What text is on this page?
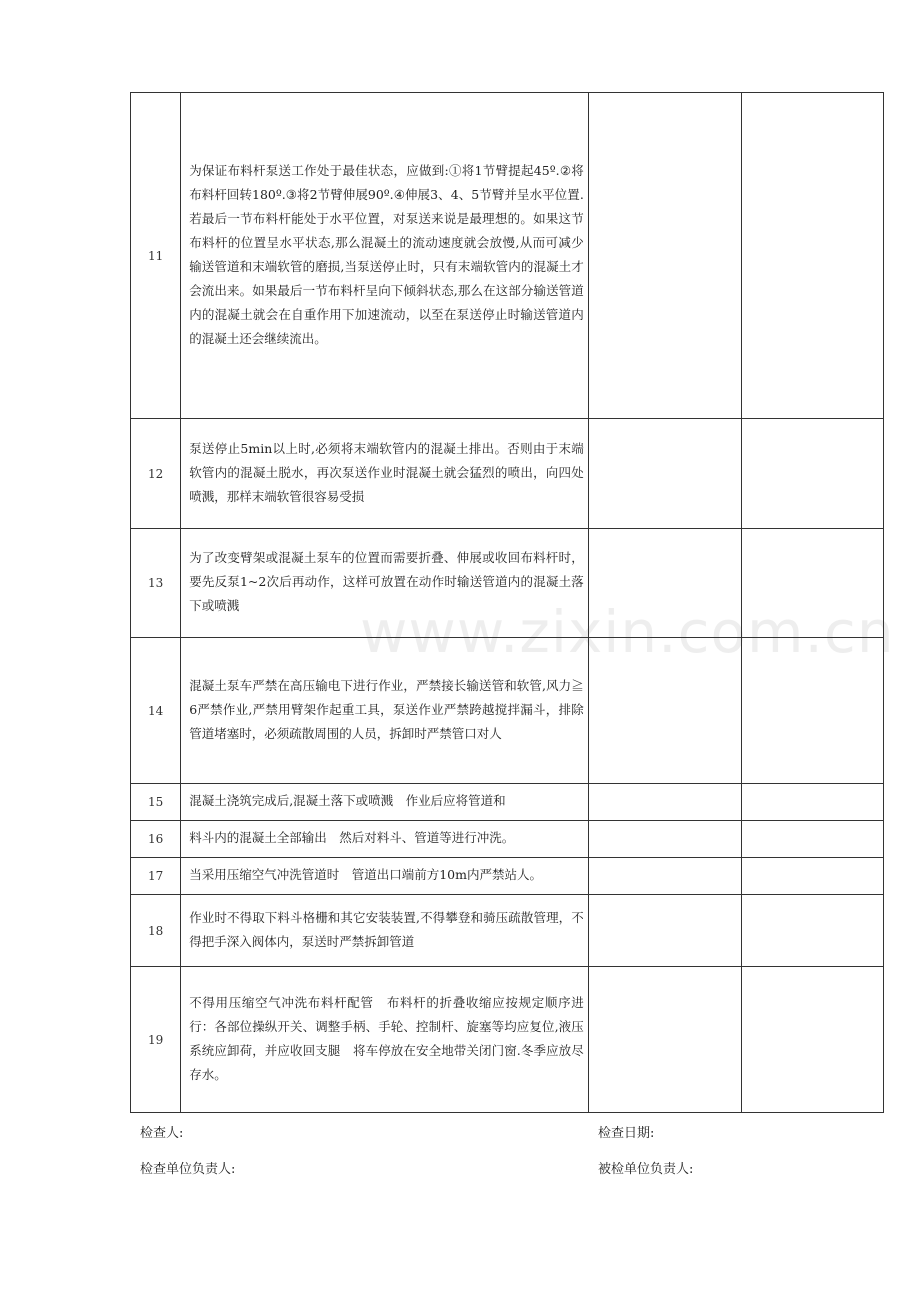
www.zixin.com.cn
11	为保证布料杆泵送工作处于最佳状态，应做到:①将1节臂提起45º.②将布料杆回转180º.③将2节臂伸展90º.④伸展3、4、5节臂并呈水平位置.若最后一节布料杆能处于水平位置，对泵送来说是最理想的。如果这节布料杆的位置呈水平状态,那么混凝土的流动速度就会放慢,从而可减少输送管道和末端软管的磨损,当泵送停止时，只有末端软管内的混凝土才会流出来。如果最后一节布料杆呈向下倾斜状态,那么在这部分输送管道内的混凝土就会在自重作用下加速流动，以至在泵送停止时输送管道内的混凝土还会继续流出。		
12	泵送停止5min以上时,必须将末端软管内的混凝土排出。否则由于末端软管内的混凝土脱水，再次泵送作业时混凝土就会猛烈的喷出，向四处喷溅，那样末端软管很容易受损		
13	为了改变臂架或混凝土泵车的位置而需要折叠、伸展或收回布料杆时，要先反泵1~2次后再动作，这样可放置在动作时输送管道内的混凝土落下或喷溅		
14	混凝土泵车严禁在高压输电下进行作业，严禁接长输送管和软管,风力≧6严禁作业,严禁用臂架作起重工具，泵送作业严禁跨越搅拌漏斗，排除管道堵塞时，必须疏散周围的人员，拆卸时严禁管口对人		
15	混凝土浇筑完成后,混凝土落下或喷溅　作业后应将管道和		
16	料斗内的混凝土全部输出　然后对料斗、管道等进行冲洗。		
17	当采用压缩空气冲洗管道时　管道出口端前方10m内严禁站人。		
18	作业时不得取下料斗格栅和其它安装装置,不得攀登和骑压疏散管理，不得把手深入阀体内，泵送时严禁拆卸管道		
19	不得用压缩空气冲洗布料杆配管　布料杆的折叠收缩应按规定顺序进行：各部位操纵开关、调整手柄、手轮、控制杆、旋塞等均应复位,液压系统应卸荷，并应收回支腿　将车停放在安全地带关闭门窗.冬季应放尽存水。		
检查人:	检查日期:
检查单位负责人:	被检单位负责人:
